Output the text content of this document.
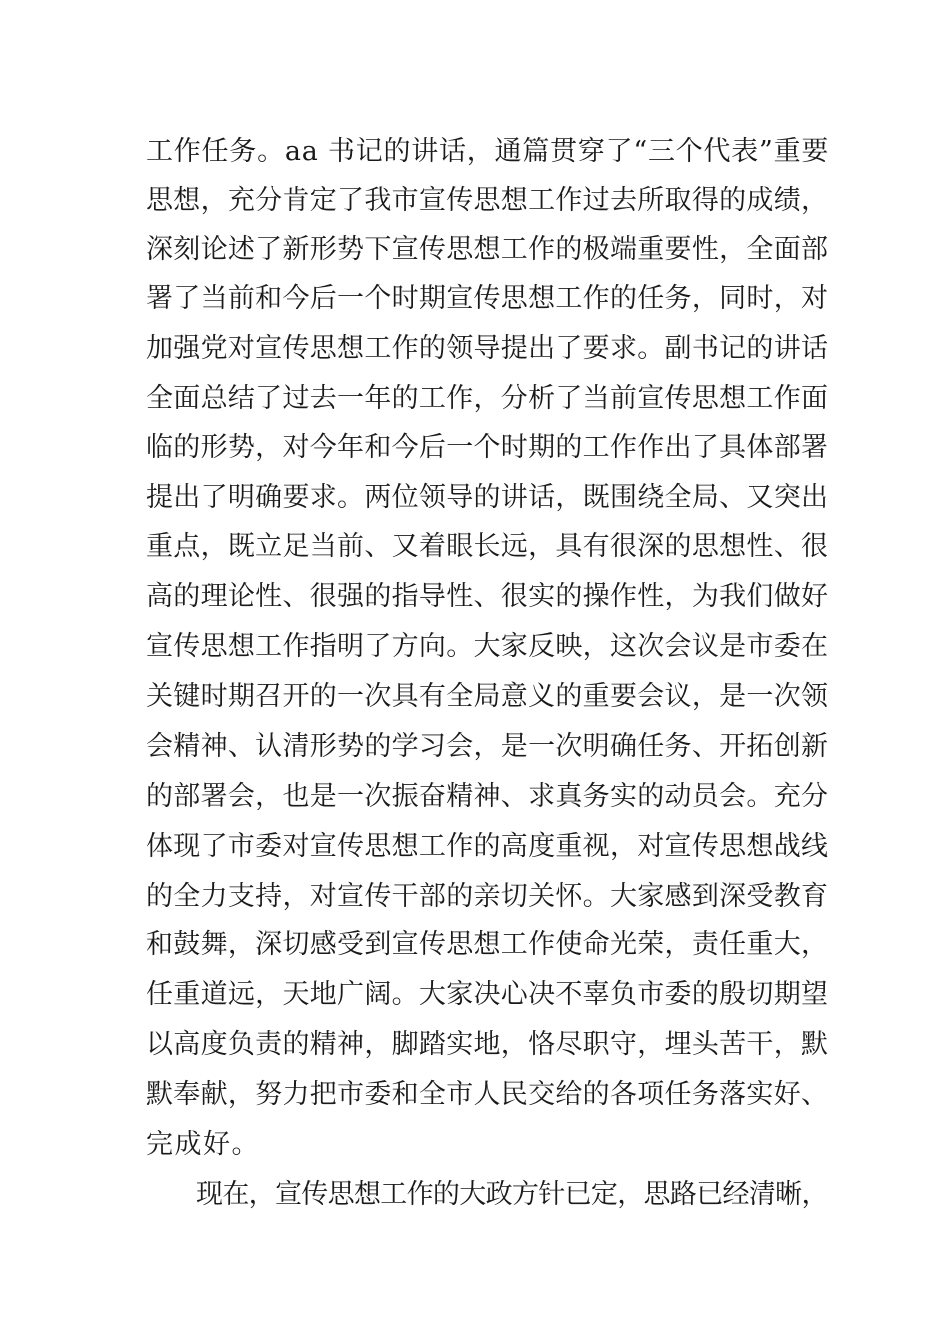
工作任务。aa 书记的讲话，通篇贯穿了“三个代表”重要

思想，充分肯定了我市宣传思想工作过去所取得的成绩，

深刻论述了新形势下宣传思想工作的极端重要性，全面部

署了当前和今后一个时期宣传思想工作的任务，同时，对

加强党对宣传思想工作的领导提出了要求。副书记的讲话

全面总结了过去一年的工作，分析了当前宣传思想工作面

临的形势，对今年和今后一个时期的工作作出了具体部署

提出了明确要求。两位领导的讲话，既围绕全局、又突出

重点，既立足当前、又着眼长远，具有很深的思想性、很

高的理论性、很强的指导性、很实的操作性，为我们做好

宣传思想工作指明了方向。大家反映，这次会议是市委在

关键时期召开的一次具有全局意义的重要会议，是一次领

会精神、认清形势的学习会，是一次明确任务、开拓创新

的部署会，也是一次振奋精神、求真务实的动员会。充分

体现了市委对宣传思想工作的高度重视，对宣传思想战线

的全力支持，对宣传干部的亲切关怀。大家感到深受教育

和鼓舞，深切感受到宣传思想工作使命光荣，责任重大，

任重道远，天地广阔。大家决心决不辜负市委的殷切期望

以高度负责的精神，脚踏实地，恪尽职守，埋头苦干，默

默奉献，努力把市委和全市人民交给的各项任务落实好、

完成好。

现在，宣传思想工作的大政方针已定，思路已经清晰，
